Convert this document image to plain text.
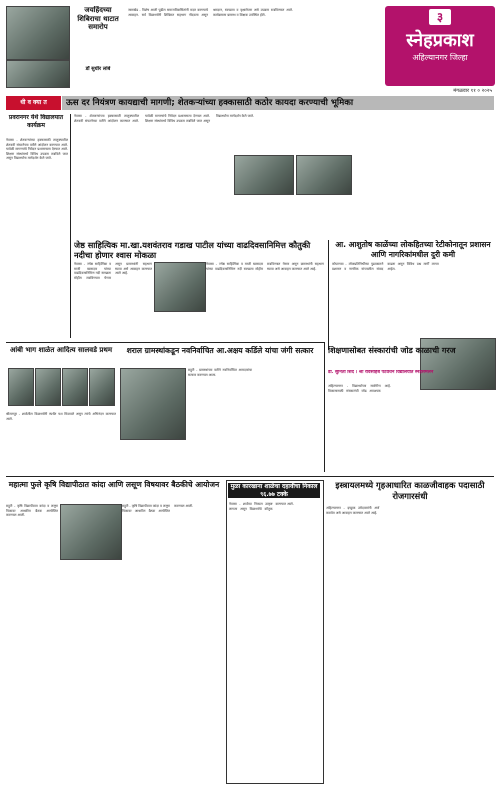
जयहिंदच्या शिबिराचा थाटात समारोप
डॉ सुधीर लांबे
जामखेड - विशेष आली पुढील समाजविकसितांनी मदत करण्याचे आवाहन. सर्व विद्यार्थ्यांनी शिबिरात सहभाग नोंदवला असून श्रमदान, स्वच्छता व वृक्षारोपण असे उपक्रम राबविण्यात आले. कार्यक्रमास ग्रामस्थ व शिक्षक उपस्थित होते.	३
स्नेहप्रकाश
अहिल्यानगर जिल्हा
मंगळवार ११ ० २०२५
धी व क्या त	ऊस दर नियंत्रण कायद्याची मागणी; शेतकऱ्यांच्या हक्कासाठी कठोर कायदा करण्याची भूमिका
प्रवरानगर येथे विद्यालयात कार्यक्रम
नेवासा - शेतकऱ्यांच्या हक्कासाठी तालुक्यातील शेतकरी संघटनेच्या वतीने आंदोलन करण्यात आले. यावेळी मागण्यांचे निवेदन प्रशासनाला देण्यात आले. शिक्षण संस्थांमध्ये विविध उपक्रम राबविले जात असून विद्यार्थ्यांना मार्गदर्शन केले जाते.
नेवासा - शेतकऱ्यांच्या हक्कासाठी तालुक्यातील शेतकरी संघटनेच्या वतीने आंदोलन करण्यात आले. यावेळी मागण्यांचे निवेदन प्रशासनाला देण्यात आले. शिक्षण संस्थांमध्ये विविध उपक्रम राबविले जात असून विद्यार्थ्यांना मार्गदर्शन केले जाते.
जेष्ठ साहित्यिक मा.खा.यशवंतराव गडाख पाटील यांच्या वाढदिवसानिमित्त कौतुकी नदीचा होणार श्वास मोकळा
नेवासा - ज्येष्ठ साहित्यिक व माजी खासदार यांच्या वाढदिवसानिमित्त नदी स्वच्छता मोहीम राबविण्यात येणार असून ग्रामस्थांनी सहभाग घ्यावा असे आवाहन करण्यात आले आहे.
नेवासा - ज्येष्ठ साहित्यिक व माजी खासदार यांच्या वाढदिवसानिमित्त नदी स्वच्छता मोहीम राबविण्यात येणार असून ग्रामस्थांनी सहभाग घ्यावा असे आवाहन करण्यात आले आहे.
आ. आशुतोष काळेंच्या लोकहितच्या रेटीकोनातून प्रशासन आणि नागरिकांमधील दुरी कमी
कोपरगाव - लोकप्रतिनिधींच्या पुढाकाराने प्रशासन व नागरिक यांच्यातील संवाद वाढला असून विविध प्रश्न मार्गी लागत आहेत.
आंबी भाग शाळेत आदित्य सालवडे प्रथम
श्रीरामपूर - शाळेतील विद्यार्थ्यांनी स्पर्धेत यश मिळवले असून त्यांचे अभिनंदन करण्यात आले.
शराल ग्रामस्थांकडून नवनिर्वाचित आ.अक्षय कर्डिले यांचा जंगी सत्कार
राहुरी - ग्रामस्थांच्या वतीने नवनिर्वाचित आमदारांचा सत्कार करण्यात आला.
शिक्षणासोबत संस्कारांची जोड काळाची गरज
डॉ. सुनिता शिंदे । श्री रावसाहेब पटवर्धन विद्यालयात स्नेहसंमेलन
अहिल्यानगर - विद्यार्थ्यांच्या सर्वांगीण विकासासाठी संस्कारांची जोड आवश्यक आहे.
महात्मा फुले कृषि विद्यापीठात कांदा आणि लसूण विषयावर बैठकीचे आयोजन
राहुरी - कृषि विद्यापीठात कांदा व लसूण पिकावर आधारित बैठक आयोजित करण्यात आली.
राहुरी - कृषि विद्यापीठात कांदा व लसूण पिकावर आधारित बैठक आयोजित करण्यात आली.
मुळा कारखाना शाळेचा दहावीचा निकाल ९६.७७ टक्के
नेवासा - शाळेचा निकाल उत्कृष्ट लागला असून विद्यार्थ्यांचे कौतुक करण्यात आले.
इस्त्रायलमध्ये गृहआधारित काळजीवाहक पदासाठी रोजगारसंधी
अहिल्यानगर - इच्छुक उमेदवारांनी अर्ज करावेत असे आवाहन करण्यात आले आहे.
